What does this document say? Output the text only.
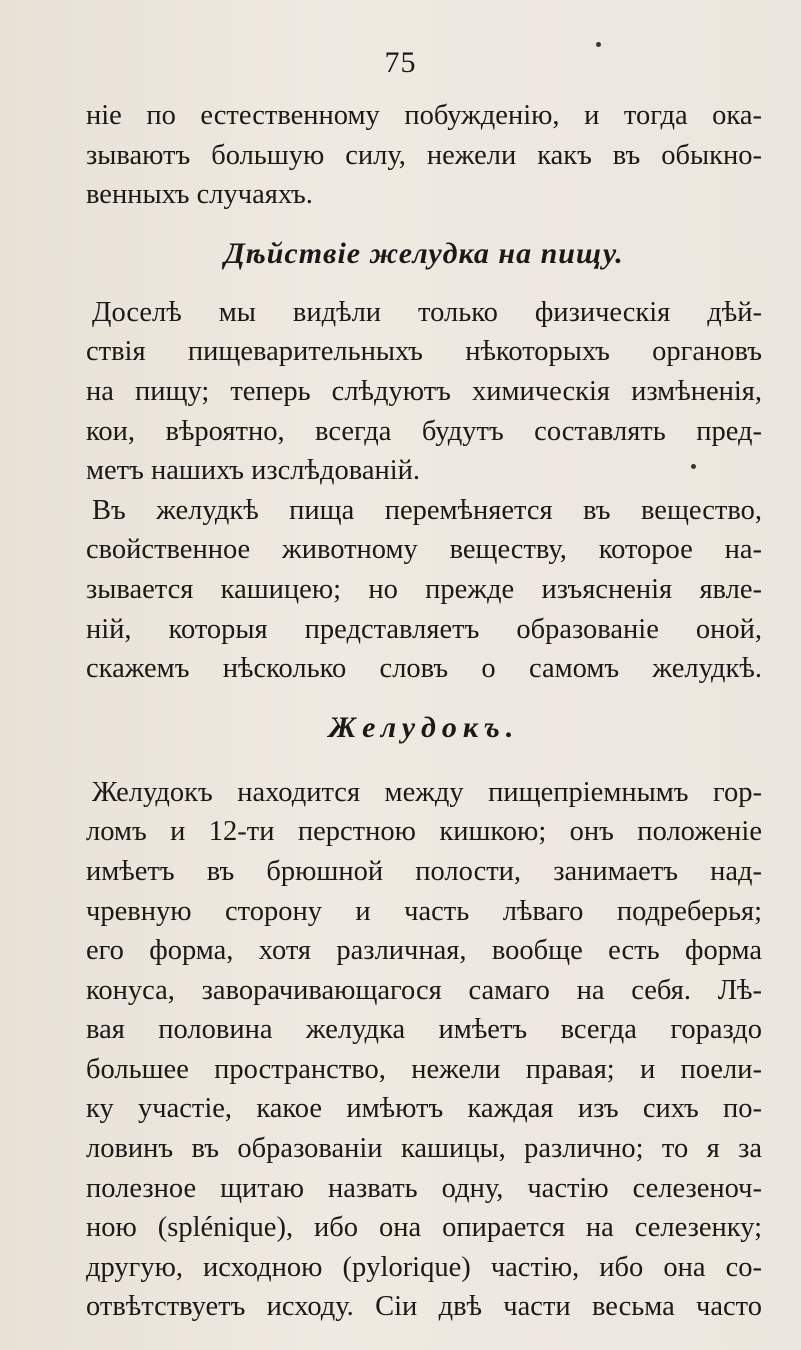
75
ніе по естественному побужденію, и тогда ока-
зываютъ большую силу, нежели какъ въ обыкно-
венныхъ случаяхъ.
Дѣйствіе желудка на пищу.
Доселѣ мы видѣли только физическія дѣй-
ствія пищеварительныхъ нѣкоторыхъ органовъ
на пищу; теперь слѣдуютъ химическія измѣненія,
кои, вѣроятно, всегда будутъ составлять пред-
метъ нашихъ изслѣдованій.
Въ желудкѣ пища перемѣняется въ вещество,
свойственное животному веществу, которое на-
зывается кашицею; но прежде изъясненія явле-
ній, которыя представляетъ образованіе оной,
скажемъ нѣсколько словъ о самомъ желудкѣ.
Желудокъ.
Желудокъ находится между пищепріемнымъ гор-
ломъ и 12-ти перстною кишкою; онъ положеніе
имѣетъ въ брюшной полости, занимаетъ над-
чревную сторону и часть лѣваго подреберья;
его форма, хотя различная, вообще есть форма
конуса, заворачивающагося самаго на себя. Лѣ-
вая половина желудка имѣетъ всегда гораздо
большее пространство, нежели правая; и поели-
ку участіе, какое имѣютъ каждая изъ сихъ по-
ловинъ въ образованіи кашицы, различно; то я за
полезное щитаю назвать одну, частію селезеноч-
ною (splénique), ибо она опирается на селезенку;
другую, исходною (pylorique) частію, ибо она со-
отвѣтствуетъ исходу. Сіи двѣ части весьма часто
